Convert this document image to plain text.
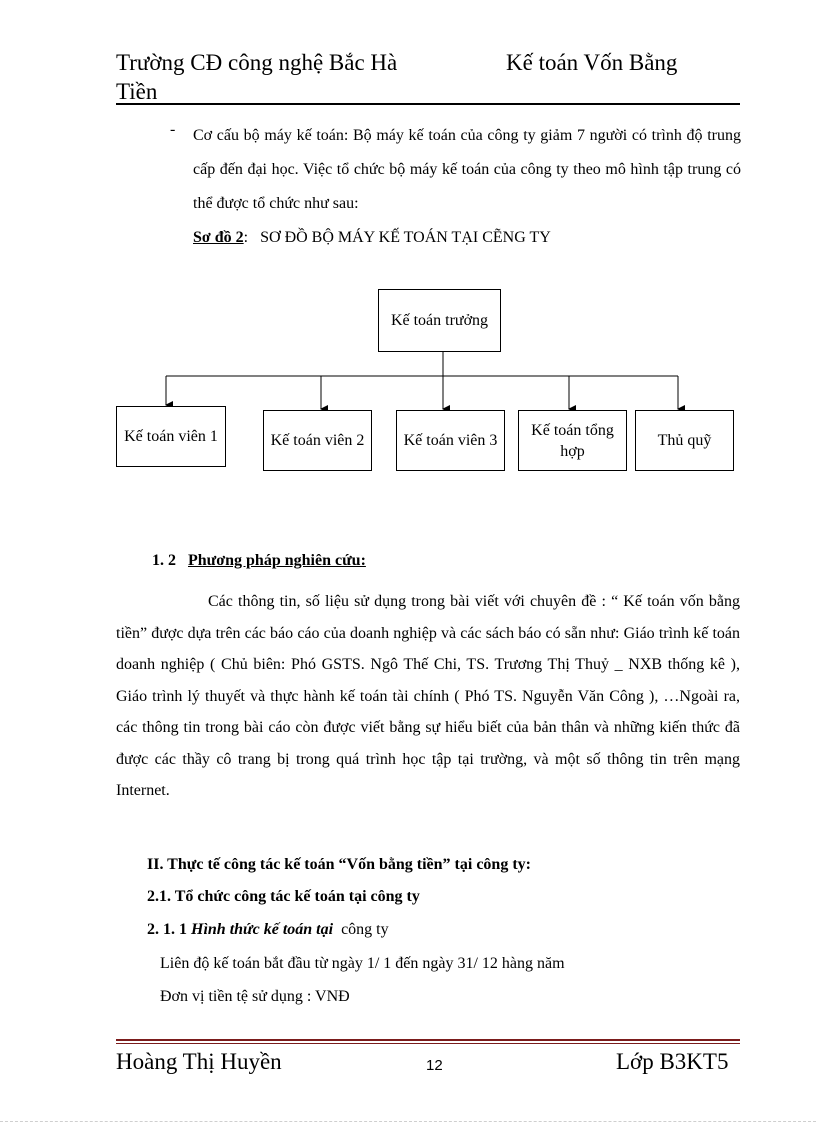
Trường CĐ công nghệ Bắc Hà
Tiền
Kế toán Vốn Bằng
- Cơ cấu bộ máy kế toán: Bộ máy kế toán của công ty giảm 7 người có trình độ trung cấp đến đại học. Việc tổ chức bộ máy kế toán của công ty theo mô hình tập trung có thể được tổ chức như sau:
Sơ đồ 2: SƠ ĐỒ BỘ MÁY KẾ TOÁN TẠI CẼNG TY
Kế toán trưởng
Kế toán viên 1	Kế toán viên 2	Kế toán viên 3
Kế toán tổng hợp
Thủ quỹ
1. 2 Phương pháp nghiên cứu:
Các thông tin, số liệu sử dụng trong bài viết với chuyên đề : “ Kế toán vốn bằng tiền” được dựa trên các báo cáo của doanh nghiệp và các sách báo có sẵn như: Giáo trình kế toán doanh nghiệp ( Chủ biên: Phó GSTS. Ngô Thế Chi, TS. Trương Thị Thuỷ _ NXB thống kê ), Giáo trình lý thuyết và thực hành kế toán tài chính ( Phó TS. Nguyễn Văn Công ), …Ngoài ra, các thông tin trong bài cáo còn được viết bằng sự hiểu biết của bản thân và những kiến thức đã được các thầy cô trang bị trong quá trình học tập tại trường, và một số thông tin trên mạng Internet.
II. Thực tế công tác kế toán “Vốn bằng tiền” tại công ty:
2.1. Tổ chức công tác kế toán tại công ty
2. 1. 1 Hình thức kế toán tại công ty
Liên độ kế toán bắt đầu từ ngày 1/ 1 đến ngày 31/ 12 hàng năm
Đơn vị tiền tệ sử dụng : VNĐ
Hoàng Thị Huyền	12	Lớp B3KT5
